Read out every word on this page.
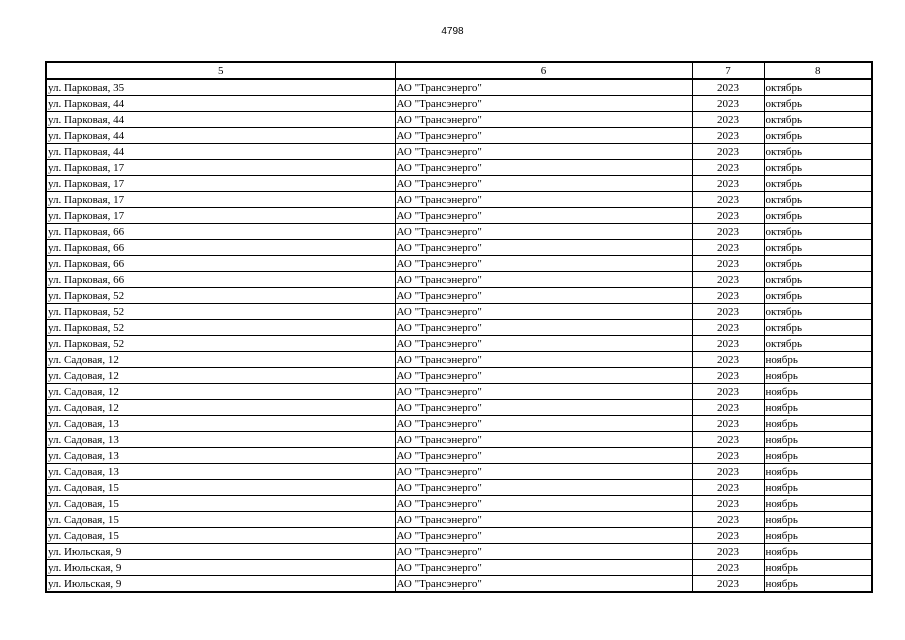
4798
5	6	7	8
ул. Парковая, 35	АО "Трансэнерго"	2023	октябрь
ул. Парковая, 44	АО "Трансэнерго"	2023	октябрь
ул. Парковая, 44	АО "Трансэнерго"	2023	октябрь
ул. Парковая, 44	АО "Трансэнерго"	2023	октябрь
ул. Парковая, 44	АО "Трансэнерго"	2023	октябрь
ул. Парковая, 17	АО "Трансэнерго"	2023	октябрь
ул. Парковая, 17	АО "Трансэнерго"	2023	октябрь
ул. Парковая, 17	АО "Трансэнерго"	2023	октябрь
ул. Парковая, 17	АО "Трансэнерго"	2023	октябрь
ул. Парковая, 66	АО "Трансэнерго"	2023	октябрь
ул. Парковая, 66	АО "Трансэнерго"	2023	октябрь
ул. Парковая, 66	АО "Трансэнерго"	2023	октябрь
ул. Парковая, 66	АО "Трансэнерго"	2023	октябрь
ул. Парковая, 52	АО "Трансэнерго"	2023	октябрь
ул. Парковая, 52	АО "Трансэнерго"	2023	октябрь
ул. Парковая, 52	АО "Трансэнерго"	2023	октябрь
ул. Парковая, 52	АО "Трансэнерго"	2023	октябрь
ул. Садовая, 12	АО "Трансэнерго"	2023	ноябрь
ул. Садовая, 12	АО "Трансэнерго"	2023	ноябрь
ул. Садовая, 12	АО "Трансэнерго"	2023	ноябрь
ул. Садовая, 12	АО "Трансэнерго"	2023	ноябрь
ул. Садовая, 13	АО "Трансэнерго"	2023	ноябрь
ул. Садовая, 13	АО "Трансэнерго"	2023	ноябрь
ул. Садовая, 13	АО "Трансэнерго"	2023	ноябрь
ул. Садовая, 13	АО "Трансэнерго"	2023	ноябрь
ул. Садовая, 15	АО "Трансэнерго"	2023	ноябрь
ул. Садовая, 15	АО "Трансэнерго"	2023	ноябрь
ул. Садовая, 15	АО "Трансэнерго"	2023	ноябрь
ул. Садовая, 15	АО "Трансэнерго"	2023	ноябрь
ул. Июльская, 9	АО "Трансэнерго"	2023	ноябрь
ул. Июльская, 9	АО "Трансэнерго"	2023	ноябрь
ул. Июльская, 9	АО "Трансэнерго"	2023	ноябрь
